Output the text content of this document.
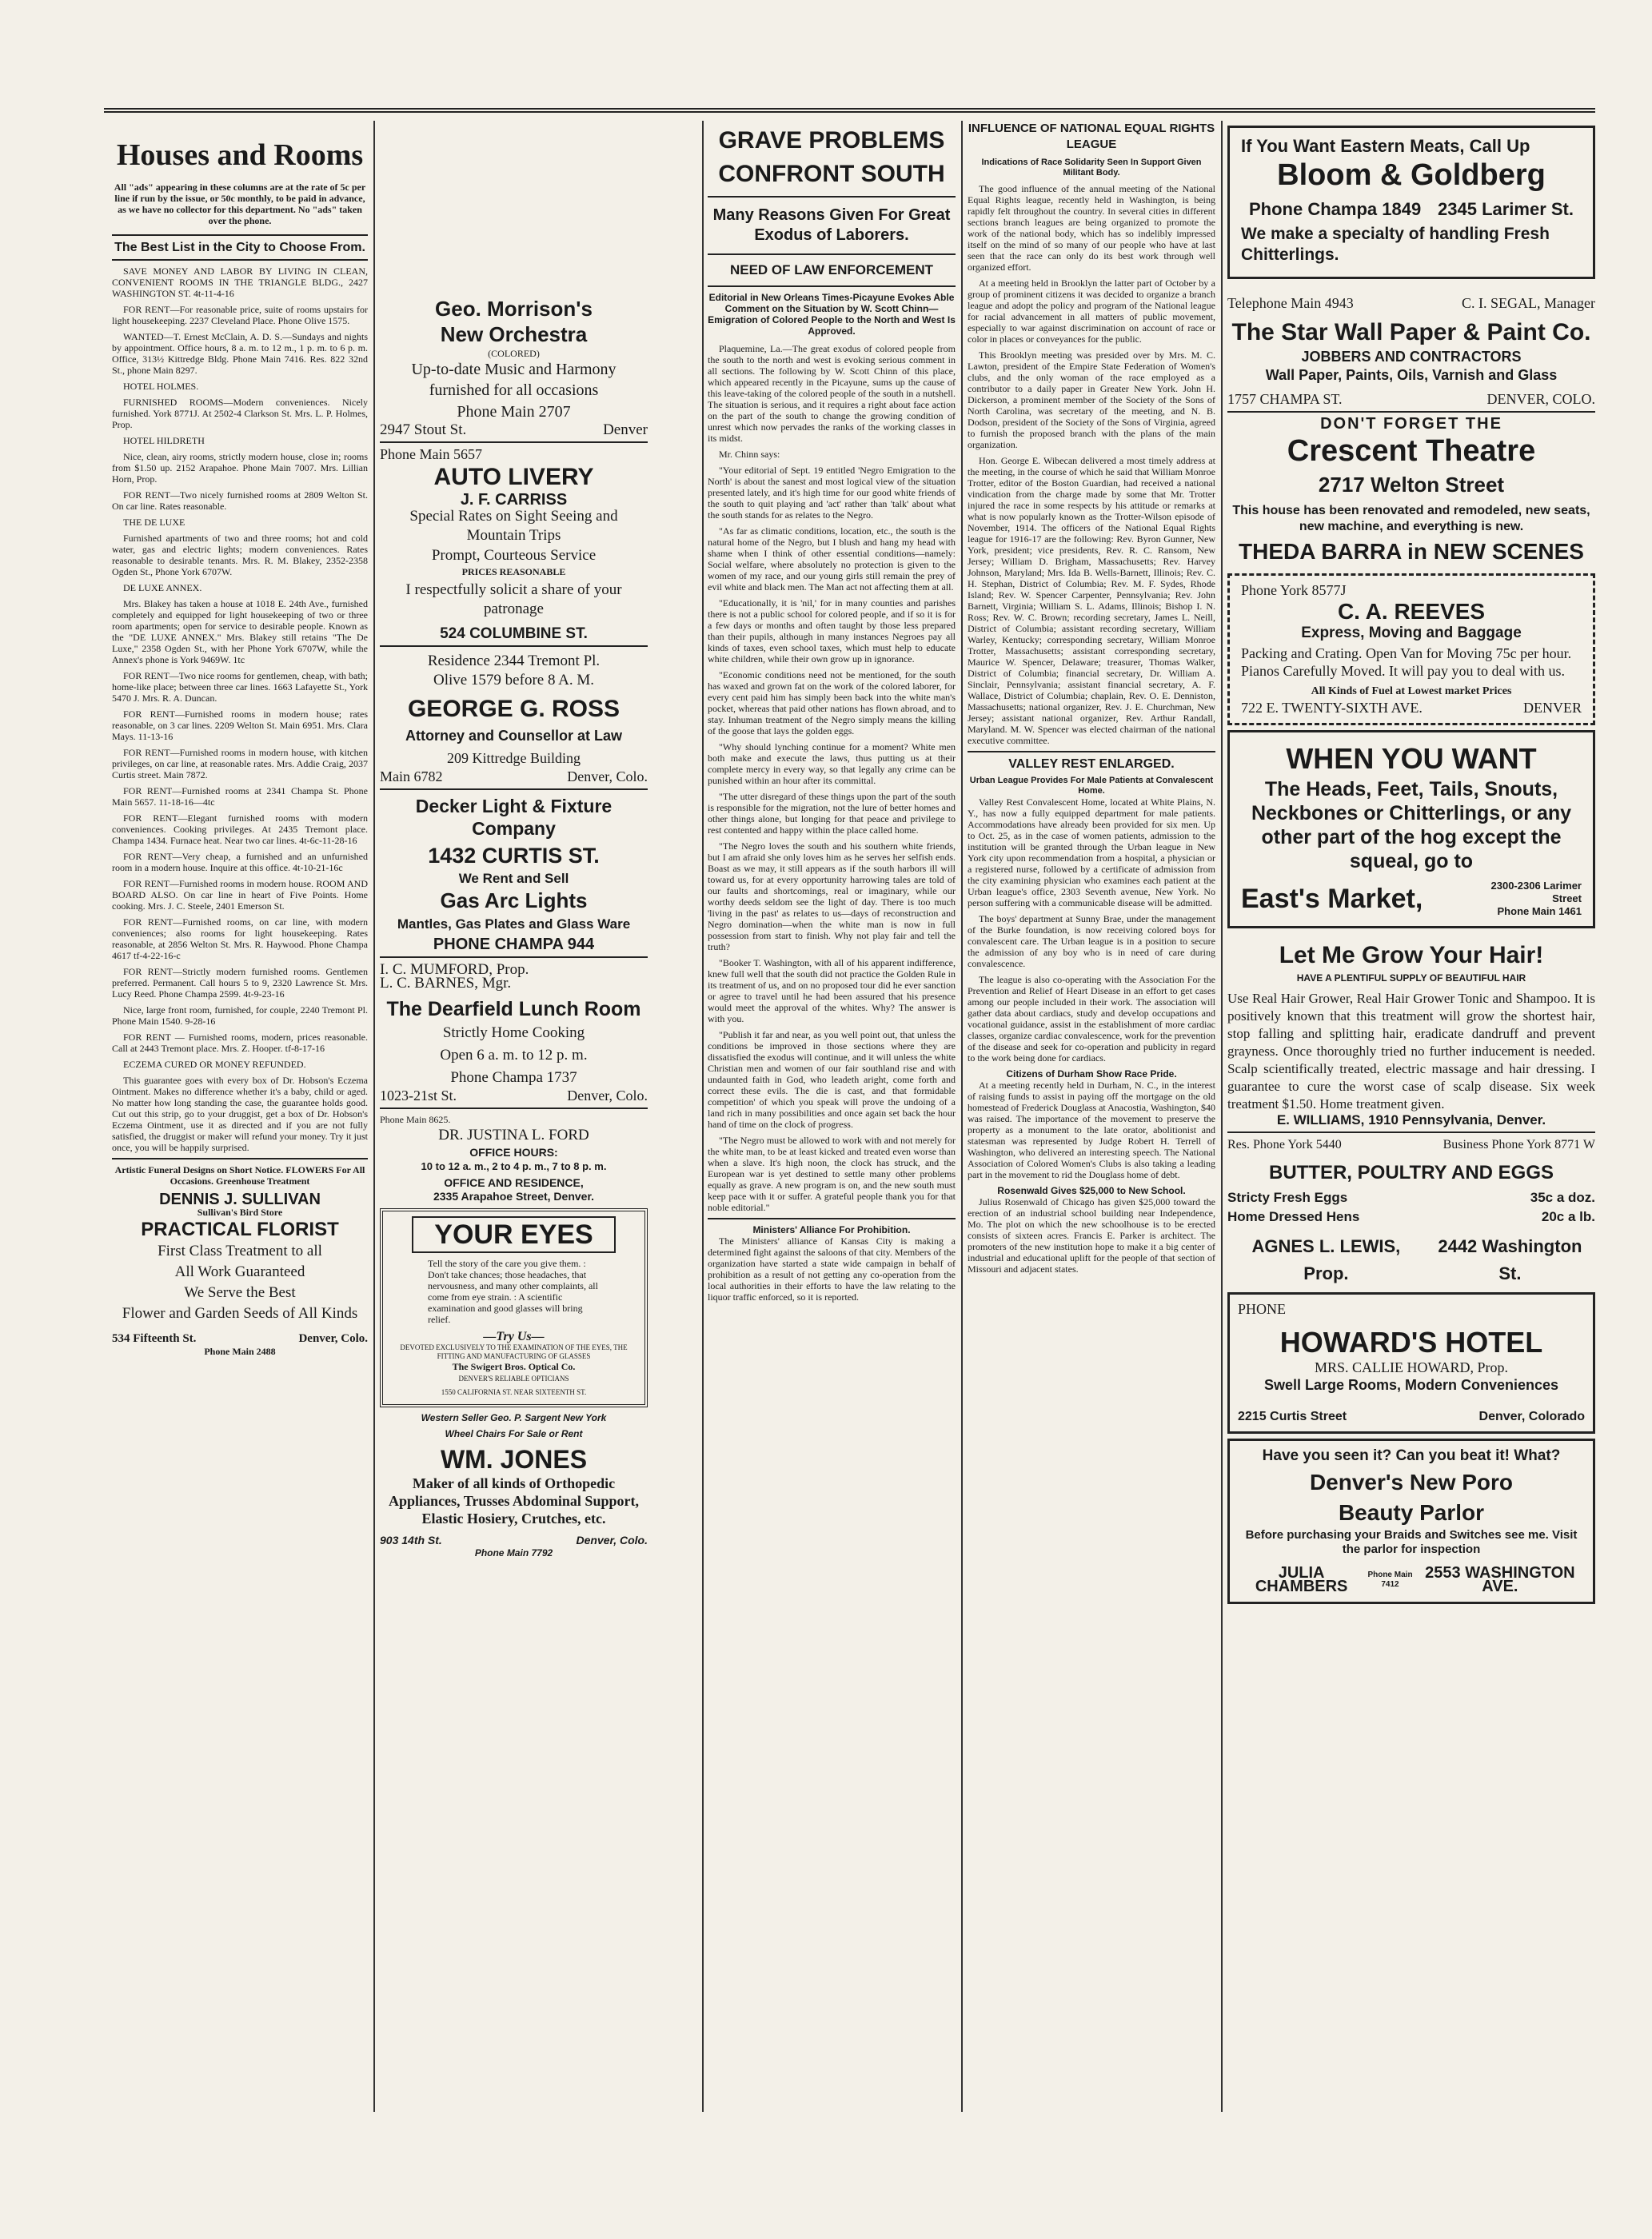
Houses and Rooms
All "ads" appearing in these columns are at the rate of 5c per line if run by the issue, or 50c monthly, to be paid in advance, as we have no collector for this department. No "ads" taken over the phone.
The Best List in the City to Choose From.

SAVE MONEY AND LABOR BY LIVING IN CLEAN, CONVENIENT ROOMS IN THE TRIANGLE BLDG., 2427 WASHINGTON ST. 4t-11-4-16

FOR RENT—For reasonable price, suite of rooms upstairs for light housekeeping. 2237 Cleveland Place. Phone Olive 1575.

WANTED—T. Ernest McClain, A. D. S.—Sundays and nights by appointment. Office hours, 8 a. m. to 12 m., 1 p. m. to 6 p. m. Office, 313½ Kittredge Bldg. Phone Main 7416. Res. 822 32nd St., phone Main 8297.

HOTEL HOLMES.

FURNISHED ROOMS—Modern conveniences. Nicely furnished. York 8771J. At 2502-4 Clarkson St. Mrs. L. P. Holmes, Prop.

HOTEL HILDRETH

Nice, clean, airy rooms, strictly modern house, close in; rooms from $1.50 up. 2152 Arapahoe. Phone Main 7007. Mrs. Lillian Horn, Prop.

FOR RENT—Two nicely furnished rooms at 2809 Welton St. On car line. Rates reasonable.

THE DE LUXE

Furnished apartments of two and three rooms; hot and cold water, gas and electric lights; modern conveniences. Rates reasonable to desirable tenants. Mrs. R. M. Blakey, 2352-2358 Ogden St., Phone York 6707W.

DE LUXE ANNEX.

Mrs. Blakey has taken a house at 1018 E. 24th Ave., furnished completely and equipped for light housekeeping of two or three room apartments; open for service to desirable people. Known as the "DE LUXE ANNEX." Mrs. Blakey still retains "The De Luxe," 2358 Ogden St., with her Phone York 6707W, while the Annex's phone is York 9469W. 1tc

FOR RENT—Two nice rooms for gentlemen, cheap, with bath; home-like place; between three car lines. 1663 Lafayette St., York 5470 J. Mrs. R. A. Duncan.

FOR RENT—Furnished rooms in modern house; rates reasonable, on 3 car lines. 2209 Welton St. Main 6951. Mrs. Clara Mays. 11-13-16

FOR RENT—Furnished rooms in modern house, with kitchen privileges, on car line, at reasonable rates. Mrs. Addie Craig, 2037 Curtis street. Main 7872.

FOR RENT—Furnished rooms at 2341 Champa St. Phone Main 5657. 11-18-16—4tc

FOR RENT—Elegant furnished rooms with modern conveniences. Cooking privileges. At 2435 Tremont place. Champa 1434. Furnace heat. Near two car lines. 4t-6c-11-28-16

FOR RENT—Very cheap, a furnished and an unfurnished room in a modern house. Inquire at this office. 4t-10-21-16c

FOR RENT—Furnished rooms in modern house. ROOM AND BOARD ALSO. On car line in heart of Five Points. Home cooking. Mrs. J. C. Steele, 2401 Emerson St.

FOR RENT—Furnished rooms, on car line, with modern conveniences; also rooms for light housekeeping. Rates reasonable, at 2856 Welton St. Mrs. R. Haywood. Phone Champa 4617 tf-4-22-16-c

FOR RENT—Strictly modern furnished rooms. Gentlemen preferred. Permanent. Call hours 5 to 9, 2320 Lawrence St. Mrs. Lucy Reed. Phone Champa 2599. 4t-9-23-16

Nice, large front room, furnished, for couple, 2240 Tremont Pl. Phone Main 1540. 9-28-16

FOR RENT — Furnished rooms, modern, prices reasonable. Call at 2443 Tremont place. Mrs. Z. Hooper. tf-8-17-16

ECZEMA CURED OR MONEY REFUNDED.

This guarantee goes with every box of Dr. Hobson's Eczema Ointment. Makes no difference whether it's a baby, child or aged. No matter how long standing the case, the guarantee holds good. Cut out this strip, go to your druggist, get a box of Dr. Hobson's Eczema Ointment, use it as directed and if you are not fully satisfied, the druggist or maker will refund your money. Try it just once, you will be happily surprised.

Artistic Funeral Designs on Short Notice. FLOWERS For All Occasions. Greenhouse Treatment
DENNIS J. SULLIVAN
Sullivan's Bird Store
PRACTICAL FLORIST
First Class Treatment to all
All Work Guaranteed
We Serve the Best
Flower and Garden Seeds of All Kinds
534 Fifteenth St.	Denver, Colo.
Phone Main 2488
Geo. Morrison's
New Orchestra
(COLORED)
Up-to-date Music and Harmony furnished for all occasions
Phone Main 2707
2947 Stout St.	Denver
Phone Main 5657
AUTO LIVERY
J. F. CARRISS
Special Rates on Sight Seeing and Mountain Trips
Prompt, Courteous Service
PRICES REASONABLE
I respectfully solicit a share of your patronage
524 COLUMBINE ST.
Residence 2344 Tremont Pl.
Olive 1579 before 8 A. M.
GEORGE G. ROSS
Attorney and Counsellor at Law
209 Kittredge Building
Main 6782	Denver, Colo.
Decker Light & Fixture Company
1432 CURTIS ST.
We Rent and Sell
Gas Arc Lights
Mantles, Gas Plates and Glass Ware
PHONE CHAMPA 944
I. C. MUMFORD, Prop.
L. C. BARNES, Mgr.
The Dearfield Lunch Room
Strictly Home Cooking
Open 6 a. m. to 12 p. m.
Phone Champa 1737
1023-21st St.	Denver, Colo.
Phone Main 8625.
DR. JUSTINA L. FORD
OFFICE HOURS:
10 to 12 a. m., 2 to 4 p. m., 7 to 8 p. m.
OFFICE AND RESIDENCE,
2335 Arapahoe Street, Denver.
YOUR EYES
Tell the story of the care you give them. : Don't take chances; those headaches, that nervousness, and many other complaints, all come from eye strain. : A scientific examination and good glasses will bring relief.
—Try Us—
DEVOTED EXCLUSIVELY TO THE EXAMINATION OF THE EYES, THE FITTING AND MANUFACTURING OF GLASSES
The Swigert Bros. Optical Co.
DENVER'S RELIABLE OPTICIANS
1550 CALIFORNIA ST. NEAR SIXTEENTH ST.
Western Seller Geo. P. Sargent New York
Wheel Chairs For Sale or Rent
WM. JONES
Maker of all kinds of Orthopedic Appliances, Trusses Abdominal Support, Elastic Hosiery, Crutches, etc.
903 14th St.	Denver, Colo.
Phone Main 7792
GRAVE PROBLEMS CONFRONT SOUTH
Many Reasons Given For Great Exodus of Laborers.
NEED OF LAW ENFORCEMENT
Editorial in New Orleans Times-Picayune Evokes Able Comment on the Situation by W. Scott Chinn—Emigration of Colored People to the North and West Is Approved.

Plaquemine, La.—The great exodus of colored people from the south to the north and west is evoking serious comment in all sections. The following by W. Scott Chinn of this place, which appeared recently in the Picayune, sums up the cause of this leave-taking of the colored people of the south in a nutshell. The situation is serious, and it requires a right about face action on the part of the south to change the growing condition of unrest which now pervades the ranks of the working classes in its midst.

Mr. Chinn says:

"Your editorial of Sept. 19 entitled 'Negro Emigration to the North' is about the sanest and most logical view of the situation presented lately, and it's high time for our good white friends of the south to quit playing and 'act' rather than 'talk' about what the south stands for as relates to the Negro.

"As far as climatic conditions, location, etc., the south is the natural home of the Negro, but I blush and hang my head with shame when I think of other essential conditions—namely: Social welfare, where absolutely no protection is given to the women of my race, and our young girls still remain the prey of evil white and black men. The Man act not affecting them at all.

"Educationally, it is 'nil,' for in many counties and parishes there is not a public school for colored people, and if so it is for a few days or months and often taught by those less prepared than their pupils, although in many instances Negroes pay all kinds of taxes, even school taxes, which must help to educate white children, while their own grow up in ignorance.

"Economic conditions need not be mentioned, for the south has waxed and grown fat on the work of the colored laborer, for every cent paid him has simply been back into the white man's pocket, whereas that paid other nations has flown abroad, and to stay. Inhuman treatment of the Negro simply means the killing of the goose that lays the golden eggs.

"Why should lynching continue for a moment? White men both make and execute the laws, thus putting us at their complete mercy in every way, so that legally any crime can be punished within an hour after its committal.

"The utter disregard of these things upon the part of the south is responsible for the migration, not the lure of better homes and other things alone, but longing for that peace and privilege to rest contented and happy within the place called home.

"The Negro loves the south and his southern white friends, but I am afraid she only loves him as he serves her selfish ends. Boast as we may, it still appears as if the south harbors ill will toward us, for at every opportunity harrowing tales are told of our faults and shortcomings, real or imaginary, while our worthy deeds seldom see the light of day. There is too much 'living in the past' as relates to us—days of reconstruction and Negro domination—when the white man is now in full possession from start to finish. Why not play fair and tell the truth?

"Booker T. Washington, with all of his apparent indifference, knew full well that the south did not practice the Golden Rule in its treatment of us, and on no proposed tour did he ever sanction or agree to travel until he had been assured that his presence would meet the approval of the whites. Why? The answer is with you.

"Publish it far and near, as you well point out, that unless the conditions be improved in those sections where they are dissatisfied the exodus will continue, and it will unless the white Christian men and women of our fair southland rise and with undaunted faith in God, who leadeth aright, come forth and correct these evils. The die is cast, and that formidable competition' of which you speak will prove the undoing of a land rich in many possibilities and once again set back the hour hand of time on the clock of progress.

"The Negro must be allowed to work with and not merely for the white man, to be at least kicked and treated even worse than when a slave. It's high noon, the clock has struck, and the European war is yet destined to settle many other problems equally as grave. A new program is on, and the new south must keep pace with it or suffer. A grateful people thank you for that noble editorial."

Ministers' Alliance For Prohibition.

The Ministers' alliance of Kansas City is making a determined fight against the saloons of that city. Members of the organization have started a state wide campaign in behalf of prohibition as a result of not getting any co-operation from the local authorities in their efforts to have the law relating to the liquor traffic enforced, so it is reported.

INFLUENCE OF NATIONAL EQUAL RIGHTS LEAGUE
Indications of Race Solidarity Seen In Support Given Militant Body.

The good influence of the annual meeting of the National Equal Rights league, recently held in Washington, is being rapidly felt throughout the country. In several cities in different sections branch leagues are being organized to promote the work of the national body, which has so indelibly impressed itself on the mind of so many of our people who have at last seen that the race can only do its best work through well organized effort.

At a meeting held in Brooklyn the latter part of October by a group of prominent citizens it was decided to organize a branch league and adopt the policy and program of the National league for racial advancement in all matters of public movement, especially to war against discrimination on account of race or color in places or conveyances for the public.

This Brooklyn meeting was presided over by Mrs. M. C. Lawton, president of the Empire State Federation of Women's clubs, and the only woman of the race employed as a contributor to a daily paper in Greater New York. John H. Dickerson, a prominent member of the Society of the Sons of North Carolina, was secretary of the meeting, and N. B. Dodson, president of the Society of the Sons of Virginia, agreed to furnish the proposed branch with the plans of the main organization.

Hon. George E. Wibecan delivered a most timely address at the meeting, in the course of which he said that William Monroe Trotter, editor of the Boston Guardian, had received a national vindication from the charge made by some that Mr. Trotter injured the race in some respects by his attitude or remarks at what is now popularly known as the Trotter-Wilson episode of November, 1914. The officers of the National Equal Rights league for 1916-17 are the following: Rev. Byron Gunner, New York, president; vice presidents, Rev. R. C. Ransom, New Jersey; William D. Brigham, Massachusetts; Rev. Harvey Johnson, Maryland; Mrs. Ida B. Wells-Barnett, Illinois; Rev. C. H. Stephan, District of Columbia; Rev. M. F. Sydes, Rhode Island; Rev. W. Spencer Carpenter, Pennsylvania; Rev. John Barnett, Virginia; William S. L. Adams, Illinois; Bishop I. N. Ross; Rev. W. C. Brown; recording secretary, James L. Neill, District of Columbia; assistant recording secretary, William Warley, Kentucky; corresponding secretary, William Monroe Trotter, Massachusetts; assistant corresponding secretary, Maurice W. Spencer, Delaware; treasurer, Thomas Walker, District of Columbia; financial secretary, Dr. William A. Sinclair, Pennsylvania; assistant financial secretary, A. F. Wallace, District of Columbia; chaplain, Rev. O. E. Denniston, Massachusetts; national organizer, Rev. J. E. Churchman, New Jersey; assistant national organizer, Rev. Arthur Randall, Maryland. M. W. Spencer was elected chairman of the national executive committee.

VALLEY REST ENLARGED.
Urban League Provides For Male Patients at Convalescent Home.

Valley Rest Convalescent Home, located at White Plains, N. Y., has now a fully equipped department for male patients. Accommodations have already been provided for six men. Up to Oct. 25, as in the case of women patients, admission to the institution will be granted through the Urban league in New York city upon recommendation from a hospital, a physician or a registered nurse, followed by a certificate of admission from the city examining physician who examines each patient at the Urban league's office, 2303 Seventh avenue, New York. No person suffering with a communicable disease will be admitted.

The boys' department at Sunny Brae, under the management of the Burke foundation, is now receiving colored boys for convalescent care. The Urban league is in a position to secure the admission of any boy who is in need of care during convalescence.

The league is also co-operating with the Association For the Prevention and Relief of Heart Disease in an effort to get cases among our people included in their work. The association will gather data about cardiacs, study and develop occupations and vocational guidance, assist in the establishment of more cardiac classes, organize cardiac convalescence, work for the prevention of the disease and seek for co-operation and publicity in regard to the work being done for cardiacs.

Citizens of Durham Show Race Pride.

At a meeting recently held in Durham, N. C., in the interest of raising funds to assist in paying off the mortgage on the old homestead of Frederick Douglass at Anacostia, Washington, $40 was raised. The importance of the movement to preserve the property as a monument to the late orator, abolitionist and statesman was represented by Judge Robert H. Terrell of Washington, who delivered an interesting speech. The National Association of Colored Women's Clubs is also taking a leading part in the movement to rid the Douglass home of debt.

Rosenwald Gives $25,000 to New School.

Julius Rosenwald of Chicago has given $25,000 toward the erection of an industrial school building near Independence, Mo. The plot on which the new schoolhouse is to be erected consists of sixteen acres. Francis E. Parker is architect. The promoters of the new institution hope to make it a big center of industrial and educational uplift for the people of that section of Missouri and adjacent states.

If You Want Eastern Meats, Call Up
Bloom & Goldberg
Phone Champa 1849 2345 Larimer St.
We make a specialty of handling Fresh Chitterlings.
Telephone Main 4943	C. I. SEGAL, Manager
The Star Wall Paper & Paint Co.
JOBBERS AND CONTRACTORS
Wall Paper, Paints, Oils, Varnish and Glass
1757 CHAMPA ST.	DENVER, COLO.
DON'T FORGET THE
Crescent Theatre
2717 Welton Street
This house has been renovated and remodeled, new seats, new machine, and everything is new.
THEDA BARRA in NEW SCENES
Phone York 8577J
C. A. REEVES
Express, Moving and Baggage
Packing and Crating. Open Van for Moving 75c per hour. Pianos Carefully Moved. It will pay you to deal with us.
All Kinds of Fuel at Lowest market Prices
722 E. TWENTY-SIXTH AVE.	DENVER
WHEN YOU WANT
The Heads, Feet, Tails, Snouts, Neckbones or Chitterlings, or any other part of the hog except the squeal, go to
East's Market,	2300-2306 Larimer Street
Phone Main 1461
Let Me Grow Your Hair!
HAVE A PLENTIFUL SUPPLY OF BEAUTIFUL HAIR
Use Real Hair Grower, Real Hair Grower Tonic and Shampoo. It is positively known that this treatment will grow the shortest hair, stop falling and splitting hair, eradicate dandruff and prevent grayness. Once thoroughly tried no further inducement is needed. Scalp scientifically treated, electric massage and hair dressing. I guarantee to cure the worst case of scalp disease. Six week treatment $1.50. Home treatment given.
E. WILLIAMS, 1910 Pennsylvania, Denver.
Res. Phone York 5440	Business Phone York 8771 W
BUTTER, POULTRY AND EGGS
Stricty Fresh Eggs	35c a doz.
Home Dressed Hens	20c a lb.
AGNES L. LEWIS, Prop.
2442 Washington St.
PHONE
HOWARD'S HOTEL
MRS. CALLIE HOWARD, Prop.
Swell Large Rooms, Modern Conveniences
2215 Curtis Street	Denver, Colorado
Have you seen it? Can you beat it! What?
Denver's New Poro
Beauty Parlor
Before purchasing your Braids and Switches see me. Visit the parlor for inspection
JULIA CHAMBERS
Phone Main 7412
2553 WASHINGTON AVE.
